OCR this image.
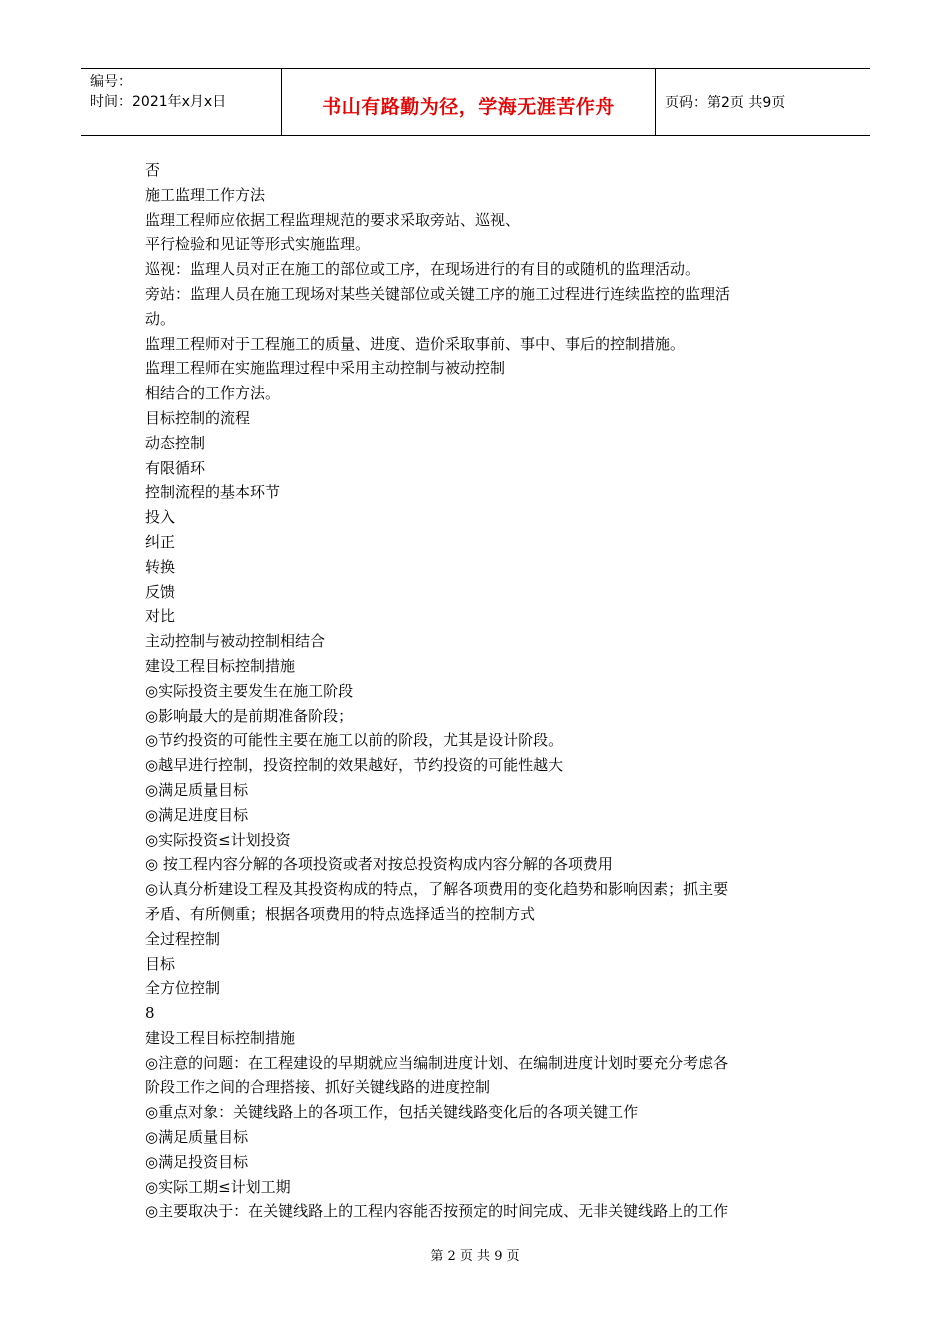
编号：
时间：2021年x月x日	书山有路勤为径，学海无涯苦作舟	页码：第2页 共9页
否
施工监理工作方法
监理工程师应依据工程监理规范的要求采取旁站、巡视、
平行检验和见证等形式实施监理。
巡视：监理人员对正在施工的部位或工序，在现场进行的有目的或随机的监理活动。
旁站：监理人员在施工现场对某些关键部位或关键工序的施工过程进行连续监控的监理活
动。
监理工程师对于工程施工的质量、进度、造价采取事前、事中、事后的控制措施。
监理工程师在实施监理过程中采用主动控制与被动控制
相结合的工作方法。
目标控制的流程
动态控制
有限循环
控制流程的基本环节
投入
纠正
转换
反馈
对比
主动控制与被动控制相结合
建设工程目标控制措施
◎实际投资主要发生在施工阶段
◎影响最大的是前期准备阶段；
◎节约投资的可能性主要在施工以前的阶段，尤其是设计阶段。
◎越早进行控制，投资控制的效果越好，节约投资的可能性越大
◎满足质量目标
◎满足进度目标
◎实际投资≤计划投资
◎ 按工程内容分解的各项投资或者对按总投资构成内容分解的各项费用
◎认真分析建设工程及其投资构成的特点，了解各项费用的变化趋势和影响因素；抓主要
矛盾、有所侧重；根据各项费用的特点选择适当的控制方式
全过程控制
目标
全方位控制
8
建设工程目标控制措施
◎注意的问题：在工程建设的早期就应当编制进度计划、在编制进度计划时要充分考虑各
阶段工作之间的合理搭接、抓好关键线路的进度控制
◎重点对象：关键线路上的各项工作，包括关键线路变化后的各项关键工作
◎满足质量目标
◎满足投资目标
◎实际工期≤计划工期
◎主要取决于：在关键线路上的工程内容能否按预定的时间完成、无非关键线路上的工作
第 2 页 共 9 页
